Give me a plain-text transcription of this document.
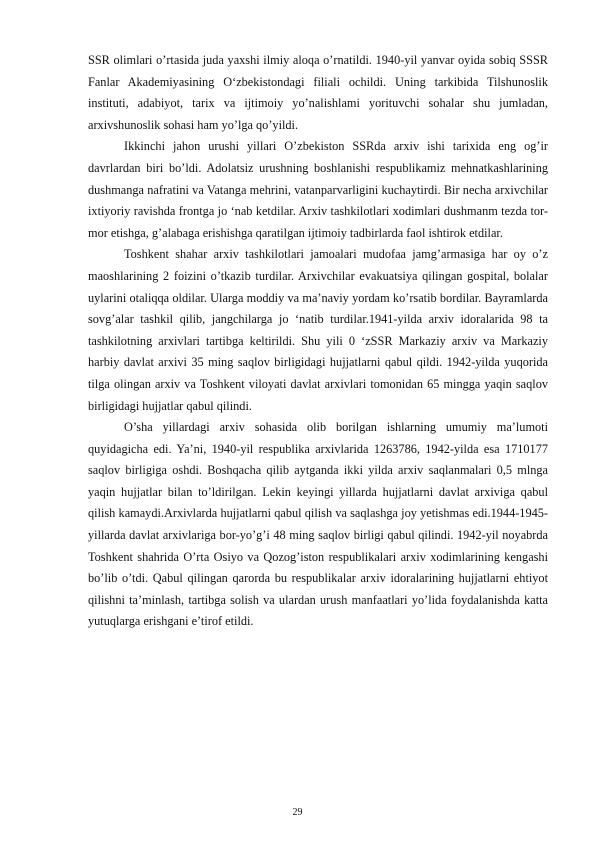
SSR olimlari o’rtasida juda yaxshi ilmiy aloqa o’rnatildi. 1940-yil yanvar oyida sobiq SSSR Fanlar Akademiyasining O‘zbekistondagi filiali ochildi. Uning tarkibida Tilshunoslik instituti, adabiyot, tarix va ijtimoiy yo’nalishlami yorituvchi sohalar shu jumladan, arxivshunoslik sohasi ham yo’lga qo’yildi.

Ikkinchi jahon urushi yillari O’zbekiston SSRda arxiv ishi tarixida eng og’ir davrlardan biri bo’ldi. Adolatsiz urushning boshlanishi respublikamiz mehnatkashlarining dushmanga nafratini va Vatanga mehrini, vatanparvarligini kuchaytirdi. Bir necha arxivchilar ixtiyoriy ravishda frontga jo ‘nab ketdilar. Arxiv tashkilotlari xodimlari dushmanm tezda tor-mor etishga, g’alabaga erishishga qaratilgan ijtimoiy tadbirlarda faol ishtirok etdilar.

Toshkent shahar arxiv tashkilotlari jamoalari mudofaa jamg’armasiga har oy o’z maoshlarining 2 foizini o’tkazib turdilar. Arxivchilar evakuatsiya qilingan gospital, bolalar uylarini otaliqqa oldilar. Ularga moddiy va ma’naviy yordam ko’rsatib bordilar. Bayramlarda sovg’alar tashkil qilib, jangchilarga jo ‘natib turdilar.1941-yilda arxiv idoralarida 98 ta tashkilotning arxivlari tartibga keltirildi. Shu yili 0 ‘zSSR Markaziy arxiv va Markaziy harbiy davlat arxivi 35 ming saqlov birligidagi hujjatlarni qabul qildi. 1942-yilda yuqorida tilga olingan arxiv va Toshkent viloyati davlat arxivlari tomonidan 65 mingga yaqin saqlov birligidagi hujjatlar qabul qilindi.

O’sha yillardagi arxiv sohasida olib borilgan ishlarning umumiy ma’lumoti quyidagicha edi. Ya’ni, 1940-yil respublika arxivlarida 1263786, 1942-yilda esa 1710177 saqlov birligiga oshdi. Boshqacha qilib aytganda ikki yilda arxiv saqlanmalari 0,5 mlnga yaqin hujjatlar bilan to’ldirilgan. Lekin keyingi yillarda hujjatlarni davlat arxiviga qabul qilish kamaydi.Arxivlarda hujjatlarni qabul qilish va saqlashga joy yetishmas edi.1944-1945-yillarda davlat arxivlariga bor-yo’g’i 48 ming saqlov birligi qabul qilindi. 1942-yil noyabrda Toshkent shahrida O’rta Osiyo va Qozog’iston respublikalari arxiv xodimlarining kengashi bo’lib o’tdi. Qabul qilingan qarorda bu respublikalar arxiv idoralarining hujjatlarni ehtiyot qilishni ta’minlash, tartibga solish va ulardan urush manfaatlari yo’lida foydalanishda katta yutuqlarga erishgani e’tirof etildi.

29
